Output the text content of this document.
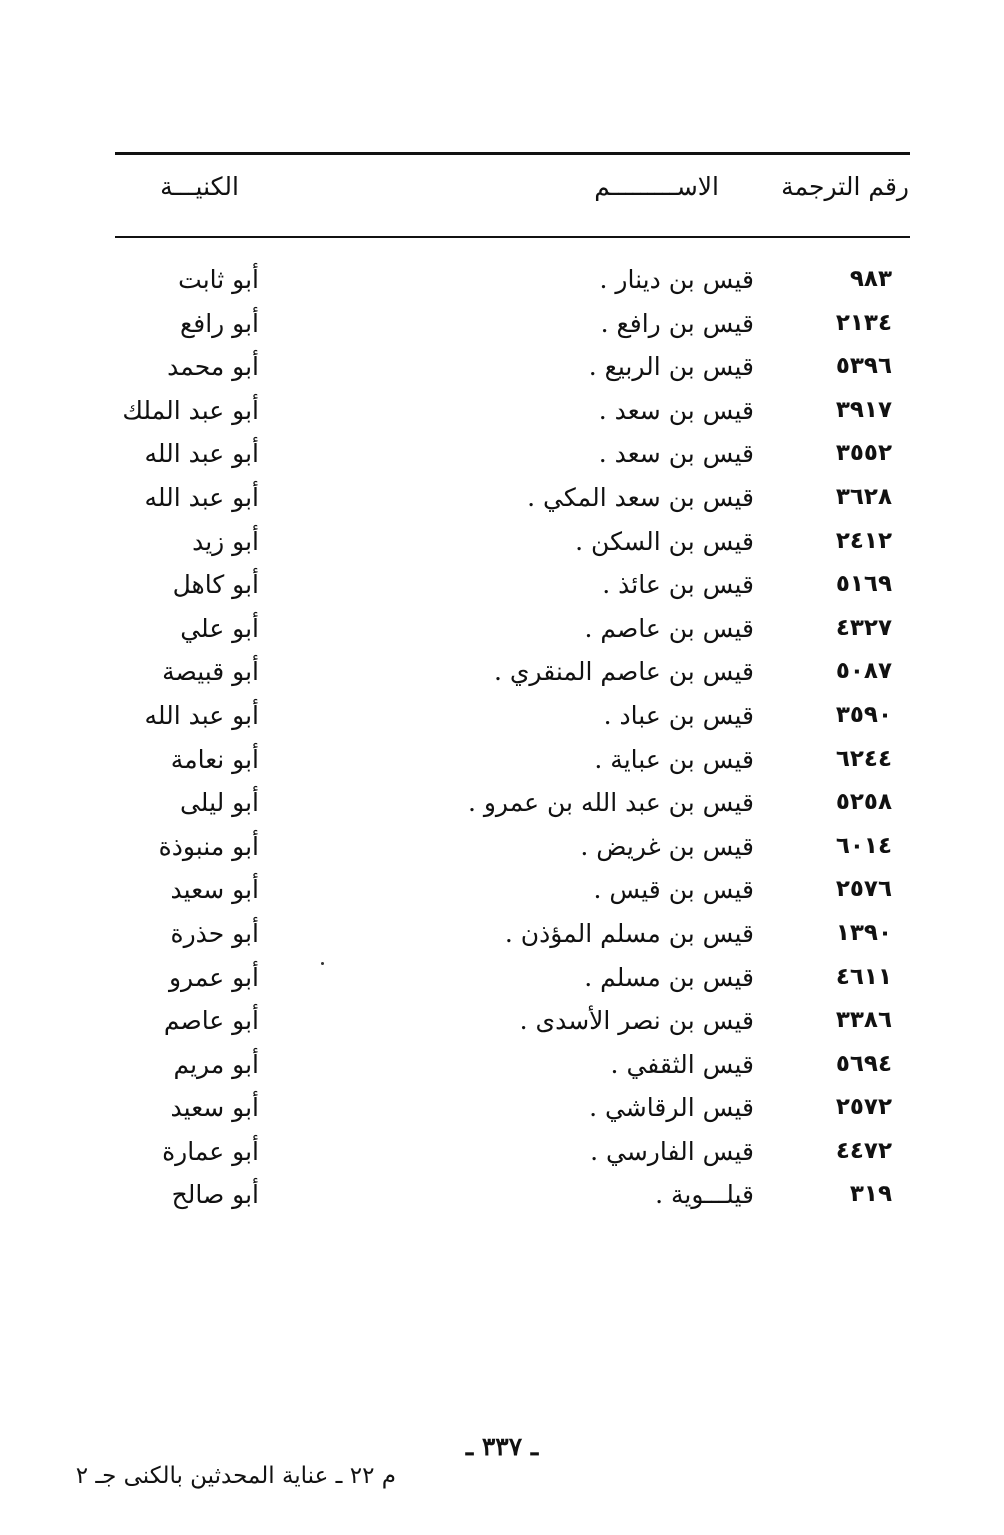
رقم الترجمة
الاســـــــــم
الكنيـــة
٩٨٣
قيس بن دينار .
أبو ثابت
٢١٣٤
قيس بن رافع .
أبو رافع
٥٣٩٦
قيس بن الربيع .
أبو محمد
٣٩١٧
قيس بن سعد .
أبو عبد الملك
٣٥٥٢
قيس بن سعد .
أبو عبد الله
٣٦٢٨
قيس بن سعد المكي .
أبو عبد الله
٢٤١٢
قيس بن السكن .
أبو زيد
٥١٦٩
قيس بن عائذ .
أبو كاهل
٤٣٢٧
قيس بن عاصم .
أبو علي
٥٠٨٧
قيس بن عاصم المنقري .
أبو قبيصة
٣٥٩٠
قيس بن عباد .
أبو عبد الله
٦٢٤٤
قيس بن عباية .
أبو نعامة
٥٢٥٨
قيس بن عبد الله بن عمرو .
أبو ليلى
٦٠١٤
قيس بن غريض .
أبو منبوذة
٢٥٧٦
قيس بن قيس .
أبو سعيد
١٣٩٠
قيس بن مسلم المؤذن .
أبو حذرة
٤٦١١
قيس بن مسلم .
أبو عمرو
٣٣٨٦
قيس بن نصر الأسدى .
أبو عاصم
٥٦٩٤
قيس الثقفي .
أبو مريم
٢٥٧٢
قيس الرقاشي .
أبو سعيد
٤٤٧٢
قيس الفارسي .
أبو عمارة
٣١٩
قيلـــوية .
أبو صالح
ـ ٣٣٧ ـ
م ٢٢ ـ عناية المحدثين بالكنى جـ ٢
